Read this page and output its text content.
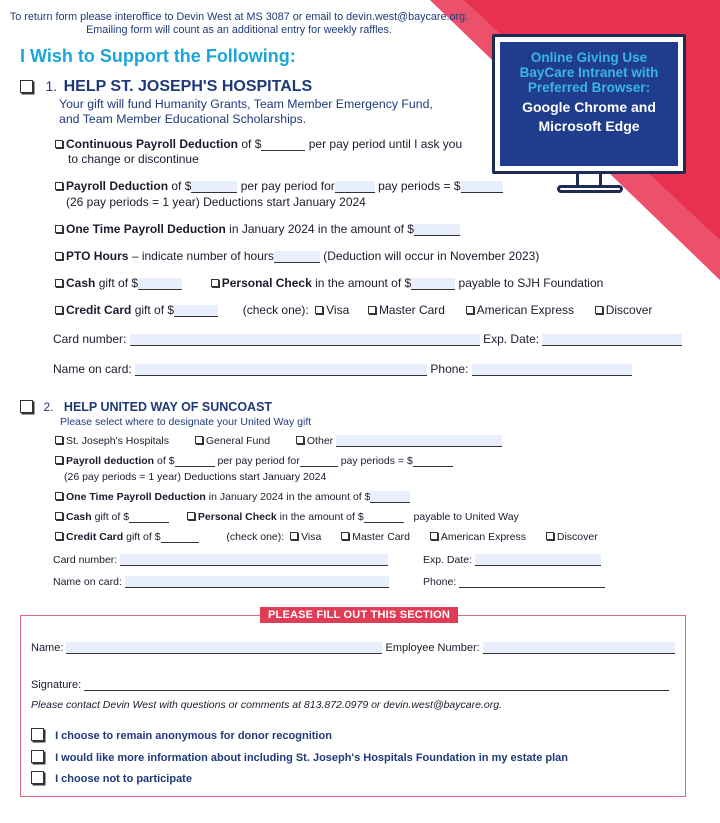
To return form please interoffice to Devin West at MS 3087 or email to devin.west@baycare.org.
Emailing form will count as an additional entry for weekly raffles.
I Wish to Support the Following:	Online Giving Use
BayCare Intranet with
Preferred Browser:
Google Chrome and
Microsoft Edge
1. HELP ST. JOSEPH'S HOSPITALS
Your gift will fund Humanity Grants, Team Member Emergency Fund,
and Team Member Educational Scholarships.
Continuous Payroll Deduction of $	per pay period until I ask you
to change or discontinue
Payroll Deduction of $	per pay period for	pay periods = $
(26 pay periods = 1 year) Deductions start January 2024
One Time Payroll Deduction in January 2024 in the amount of $
PTO Hours – indicate number of hours	(Deduction will occur in November 2023)
Cash gift of $	Personal Check in the amount of $	payable to SJH Foundation
Credit Card gift of $	(check one): Visa Master Card	American Express	Discover
Card number:	Exp. Date:
Name on card:	Phone:
2. HELP UNITED WAY OF SUNCOAST
Please select where to designate your United Way gift
St. Joseph's Hospitals	General Fund	Other
Payroll deduction of $	per pay period for	pay periods = $
(26 pay periods = 1 year) Deductions start January 2024
One Time Payroll Deduction in January 2024 in the amount of $
Cash gift of $	Personal Check in the amount of $	payable to United Way
Credit Card gift of $	(check one): Visa	Master Card	American Express	Discover
Card number:	Exp. Date:
Name on card:	Phone:
PLEASE FILL OUT THIS SECTION
Name:	Employee Number:
Signature:
Please contact Devin West with questions or comments at 813.872.0979 or devin.west@baycare.org.
I choose to remain anonymous for donor recognition
I would like more information about including St. Joseph's Hospitals Foundation in my estate plan
I choose not to participate
